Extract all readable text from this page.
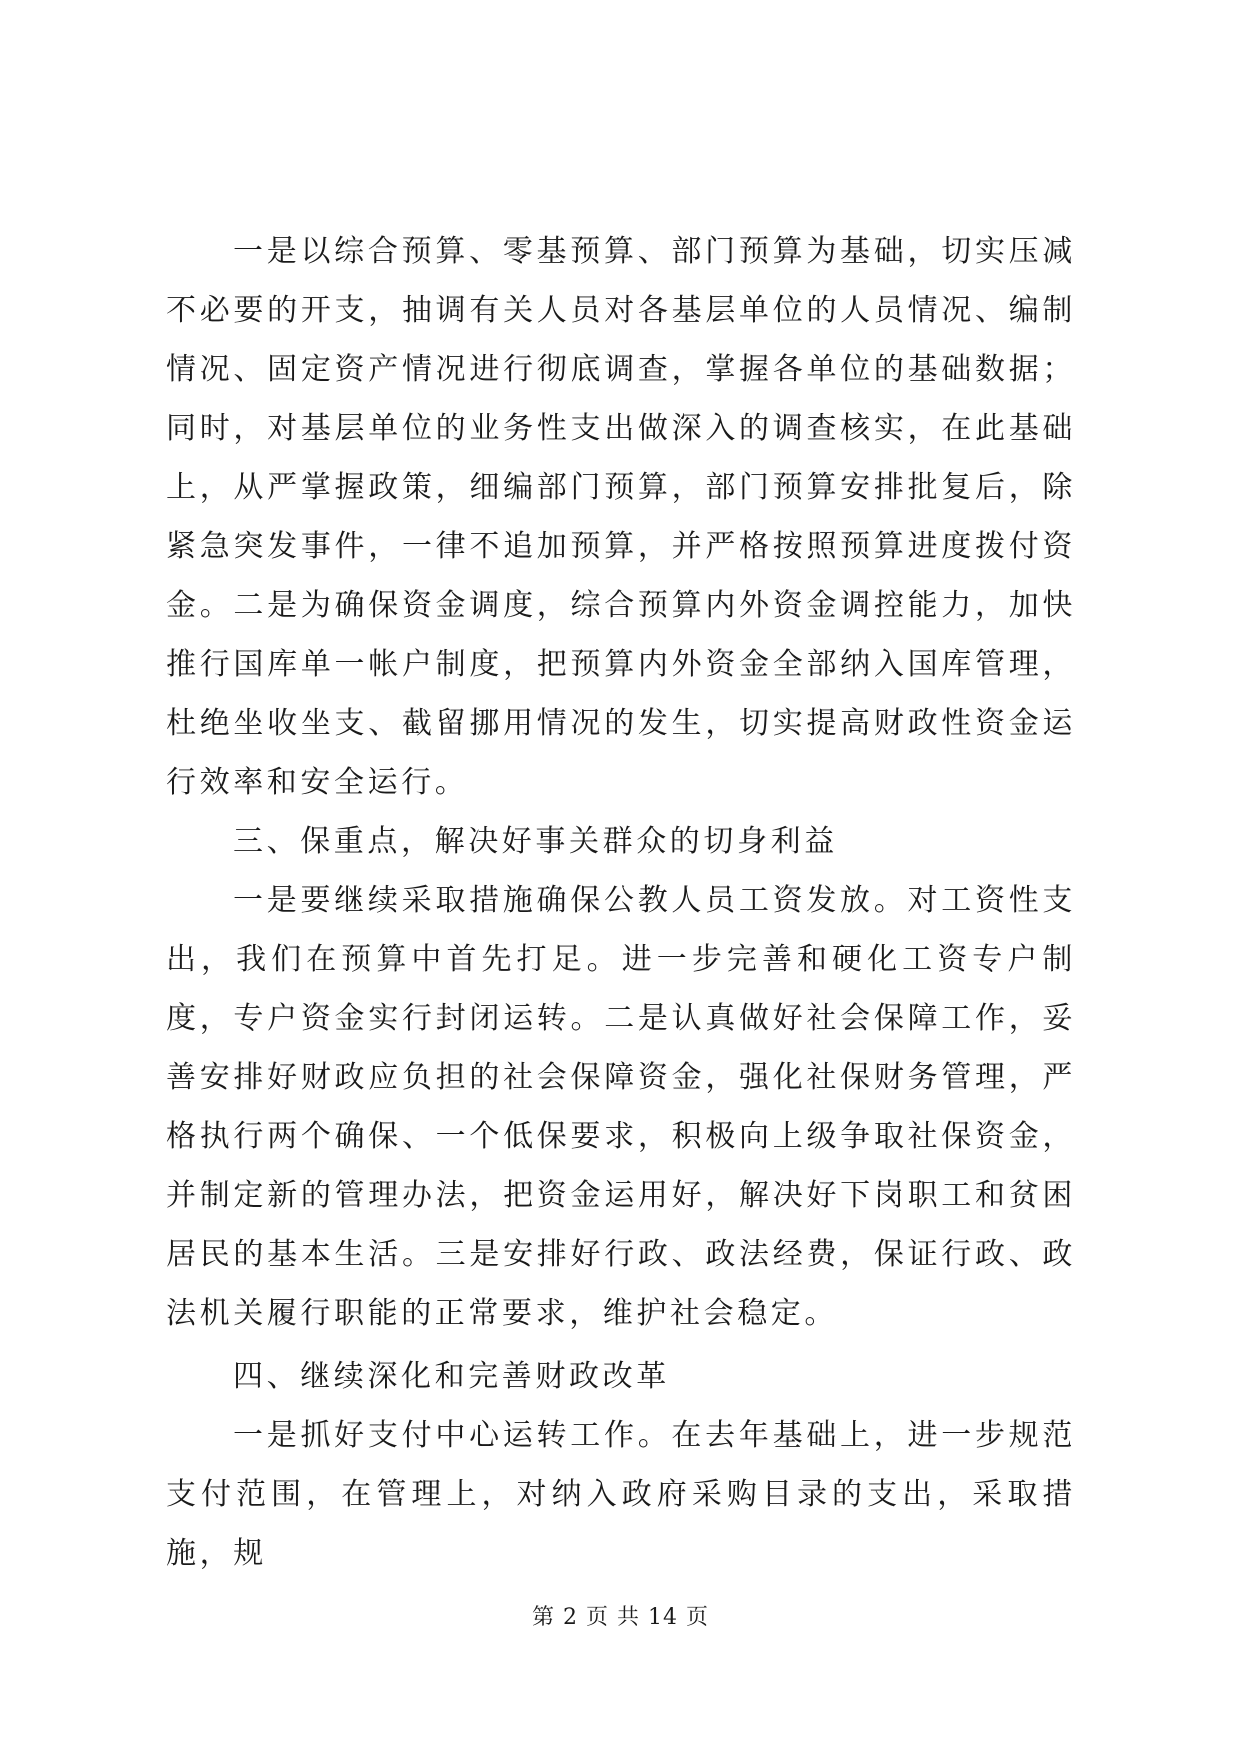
一是以综合预算、零基预算、部门预算为基础，切实压减不必要的开支，抽调有关人员对各基层单位的人员情况、编制情况、固定资产情况进行彻底调查，掌握各单位的基础数据；同时，对基层单位的业务性支出做深入的调查核实，在此基础上，从严掌握政策，细编部门预算，部门预算安排批复后，除紧急突发事件，一律不追加预算，并严格按照预算进度拨付资金。二是为确保资金调度，综合预算内外资金调控能力，加快推行国库单一帐户制度，把预算内外资金全部纳入国库管理，杜绝坐收坐支、截留挪用情况的发生，切实提高财政性资金运行效率和安全运行。

三、保重点，解决好事关群众的切身利益

一是要继续采取措施确保公教人员工资发放。对工资性支出，我们在预算中首先打足。进一步完善和硬化工资专户制度，专户资金实行封闭运转。二是认真做好社会保障工作，妥善安排好财政应负担的社会保障资金，强化社保财务管理，严格执行两个确保、一个低保要求，积极向上级争取社保资金，并制定新的管理办法，把资金运用好，解决好下岗职工和贫困居民的基本生活。三是安排好行政、政法经费，保证行政、政法机关履行职能的正常要求，维护社会稳定。

四、继续深化和完善财政改革

一是抓好支付中心运转工作。在去年基础上，进一步规范支付范围，在管理上，对纳入政府采购目录的支出，采取措施，规

第 2 页 共 14 页
